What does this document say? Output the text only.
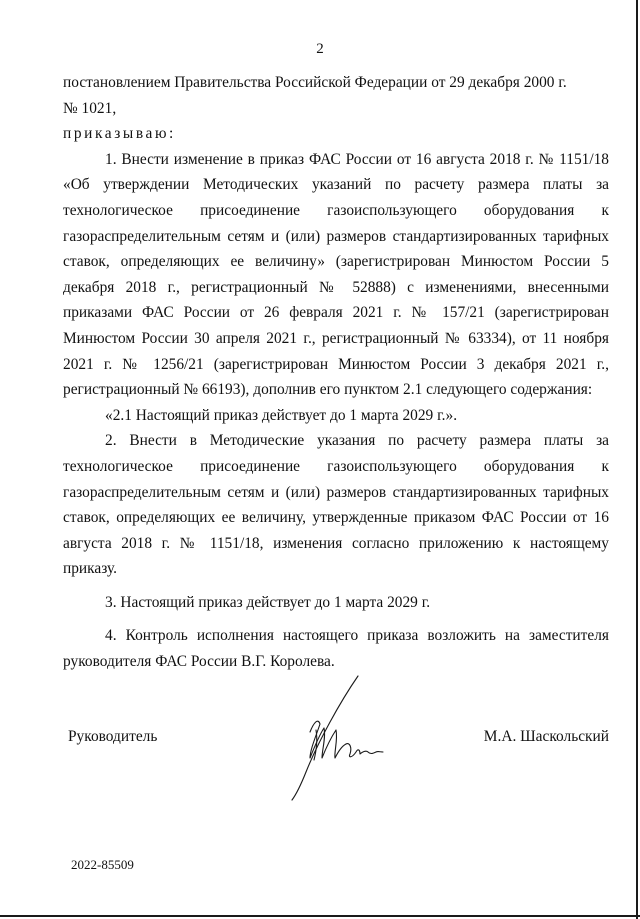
2

постановлением Правительства Российской Федерации от 29 декабря 2000 г.

№ 1021,

приказываю:

1. Внести изменение в приказ ФАС России от 16 августа 2018 г. № 1151/18 «Об утверждении Методических указаний по расчету размера платы за технологическое присоединение газоиспользующего оборудования к газораспределительным сетям и (или) размеров стандартизированных тарифных ставок, определяющих ее величину» (зарегистрирован Минюстом России 5 декабря 2018 г., регистрационный № 52888) с изменениями, внесенными приказами ФАС России от 26 февраля 2021 г. № 157/21 (зарегистрирован Минюстом России 30 апреля 2021 г., регистрационный № 63334), от 11 ноября 2021 г. № 1256/21 (зарегистрирован Минюстом России 3 декабря 2021 г., регистрационный № 66193), дополнив его пунктом 2.1 следующего содержания:

«2.1 Настоящий приказ действует до 1 марта 2029 г.».

2. Внести в Методические указания по расчету размера платы за технологическое присоединение газоиспользующего оборудования к газораспределительным сетям и (или) размеров стандартизированных тарифных ставок, определяющих ее величину, утвержденные приказом ФАС России от 16 августа 2018 г. № 1151/18, изменения согласно приложению к настоящему приказу.

3. Настоящий приказ действует до 1 марта 2029 г.

4. Контроль исполнения настоящего приказа возложить на заместителя руководителя ФАС России В.Г. Королева.

Руководитель	М.А. Шаскольский
2022-85509
